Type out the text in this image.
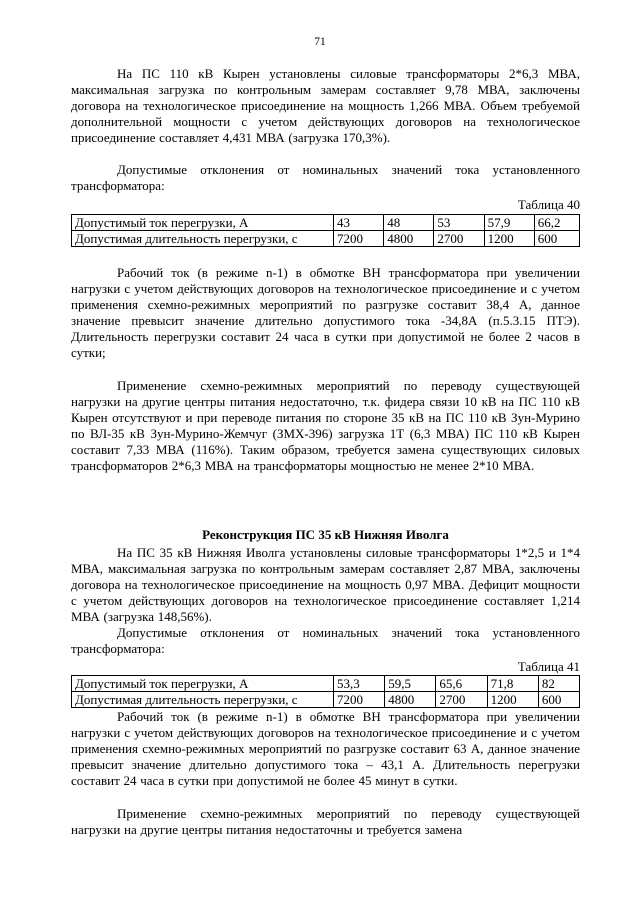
71

На ПС 110 кВ Кырен установлены силовые трансформаторы 2*6,3 МВА, максимальная загрузка по контрольным замерам составляет 9,78 МВА, заключены договора на технологическое присоединение на мощность 1,266 МВА. Объем требуемой дополнительной мощности с учетом действующих договоров на технологическое присоединение составляет 4,431 МВА (загрузка 170,3%).

Допустимые отклонения от номинальных значений тока установленного трансформатора:

Таблица 40
Допустимый ток перегрузки, А	43	48	53	57,9	66,2
Допустимая длительность перегрузки, с	7200	4800	2700	1200	600

Рабочий ток (в режиме n-1) в обмотке ВН трансформатора при увеличении нагрузки с учетом действующих договоров на технологическое присоединение и с учетом применения схемно-режимных мероприятий по разгрузке составит 38,4 А, данное значение превысит значение длительно допустимого тока -34,8А (п.5.3.15 ПТЭ). Длительность перегрузки составит 24 часа в сутки при допустимой не более 2 часов в сутки;

Применение схемно-режимных мероприятий по переводу существующей нагрузки на другие центры питания недостаточно, т.к. фидера связи 10 кВ на ПС 110 кВ Кырен отсутствуют и при переводе питания по стороне 35 кВ на ПС 110 кВ Зун-Мурино по ВЛ-35 кВ Зун-Мурино-Жемчуг (ЗМХ-396) загрузка 1Т (6,3 МВА) ПС 110 кВ Кырен составит 7,33 МВА (116%). Таким образом, требуется замена существующих силовых трансформаторов 2*6,3 МВА на трансформаторы мощностью не менее 2*10 МВА.

Реконструкция ПС 35 кВ Нижняя Иволга

На ПС 35 кВ Нижняя Иволга установлены силовые трансформаторы 1*2,5 и 1*4 МВА, максимальная загрузка по контрольным замерам составляет 2,87 МВА, заключены договора на технологическое присоединение на мощность 0,97 МВА. Дефицит мощности с учетом действующих договоров на технологическое присоединение составляет 1,214 МВА (загрузка 148,56%).

Допустимые отклонения от номинальных значений тока установленного трансформатора:

Таблица 41
Допустимый ток перегрузки, А	53,3	59,5	65,6	71,8	82
Допустимая длительность перегрузки, с	7200	4800	2700	1200	600

Рабочий ток (в режиме n-1) в обмотке ВН трансформатора при увеличении нагрузки с учетом действующих договоров на технологическое присоединение и с учетом применения схемно-режимных мероприятий по разгрузке составит 63 А, данное значение превысит значение длительно допустимого тока – 43,1 А. Длительность перегрузки составит 24 часа в сутки при допустимой не более 45 минут в сутки.

Применение схемно-режимных мероприятий по переводу существующей нагрузки на другие центры питания недостаточны и требуется замена
